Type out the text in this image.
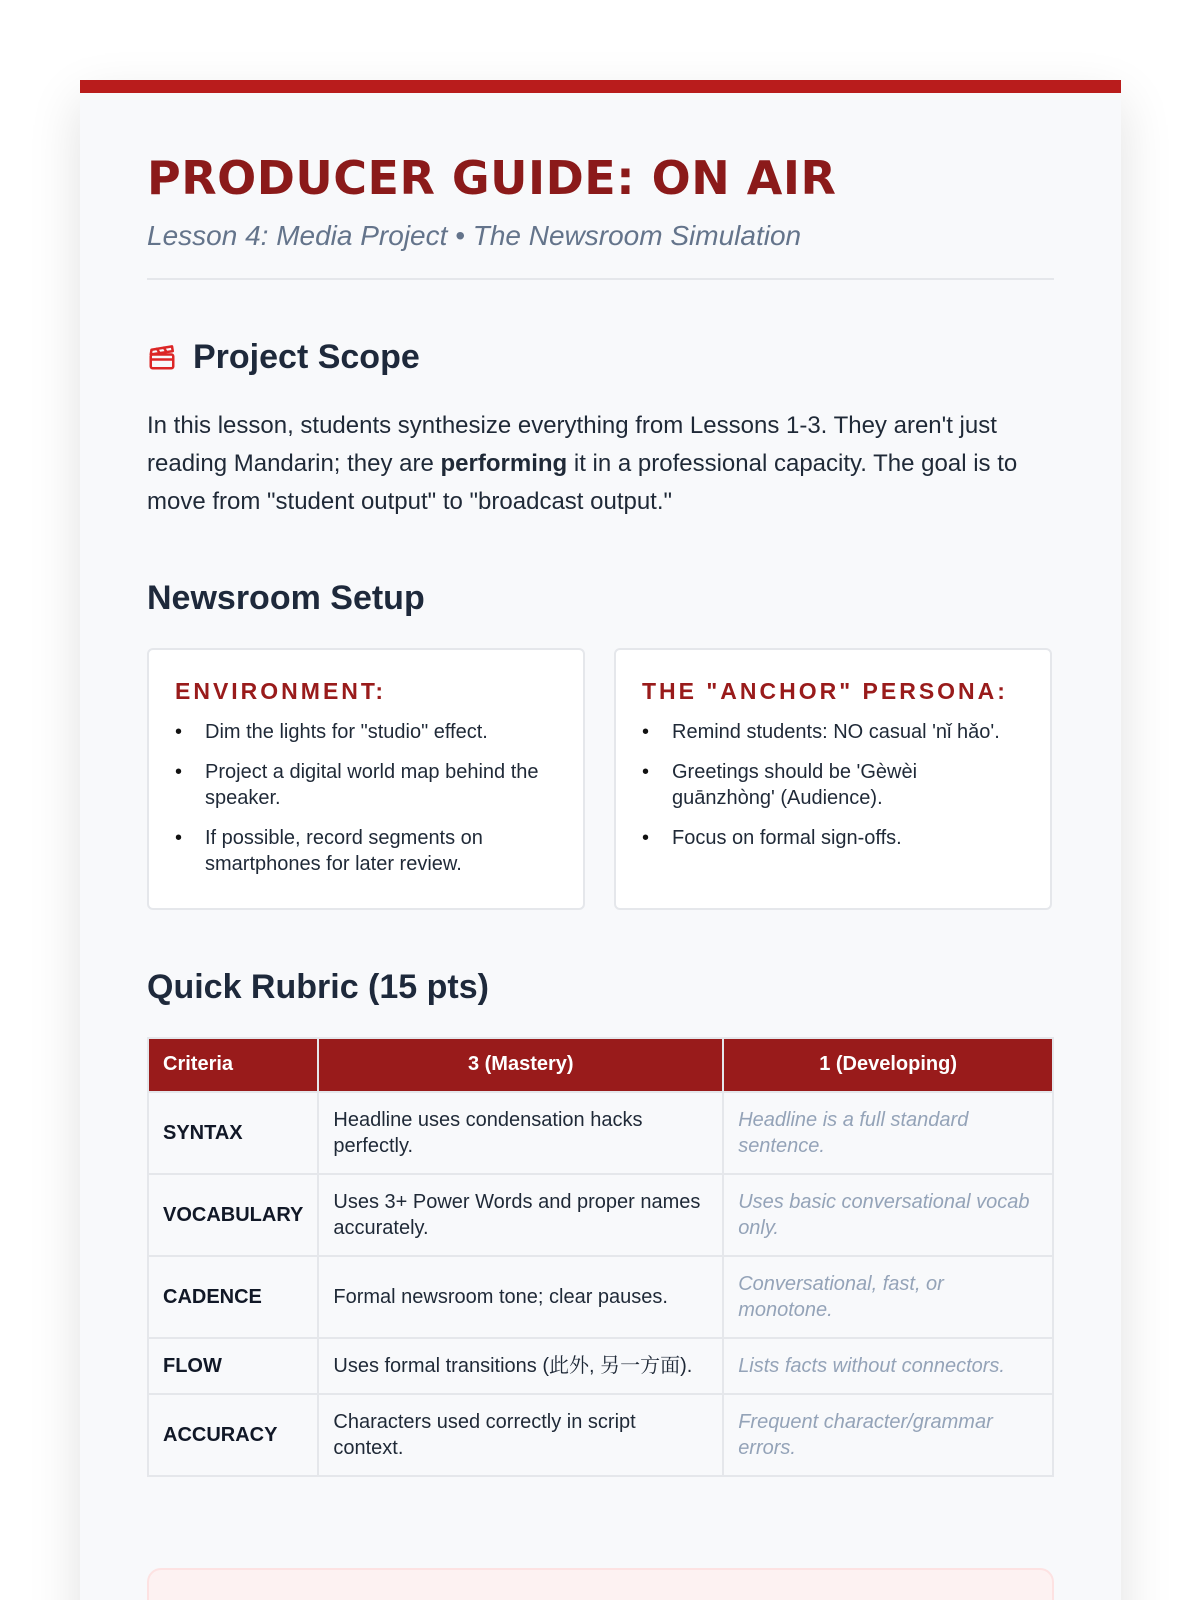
PRODUCER GUIDE: ON AIR
Lesson 4: Media Project • The Newsroom Simulation
Project Scope

In this lesson, students synthesize everything from Lessons 1-3. They aren't just reading Mandarin; they are performing it in a professional capacity. The goal is to move from "student output" to "broadcast output."

Newsroom Setup
ENVIRONMENT:
• Dim the lights for "studio" effect.
• Project a digital world map behind the speaker.
• If possible, record segments on smartphones for later review.
THE "ANCHOR" PERSONA:
• Remind students: NO casual 'nǐ hǎo'.
• Greetings should be 'Gèwèi guānzhòng' (Audience).
• Focus on formal sign-offs.
Quick Rubric (15 pts)
Criteria	3 (Mastery)	1 (Developing)
SYNTAX	Headline uses condensation hacks perfectly.	Headline is a full standard sentence.
VOCABULARY	Uses 3+ Power Words and proper names accurately.	Uses basic conversational vocab only.
CADENCE	Formal newsroom tone; clear pauses.	Conversational, fast, or monotone.
FLOW	Uses formal transitions (此外, 另一方面).	Lists facts without connectors.
ACCURACY	Characters used correctly in script context.	Frequent character/grammar errors.
